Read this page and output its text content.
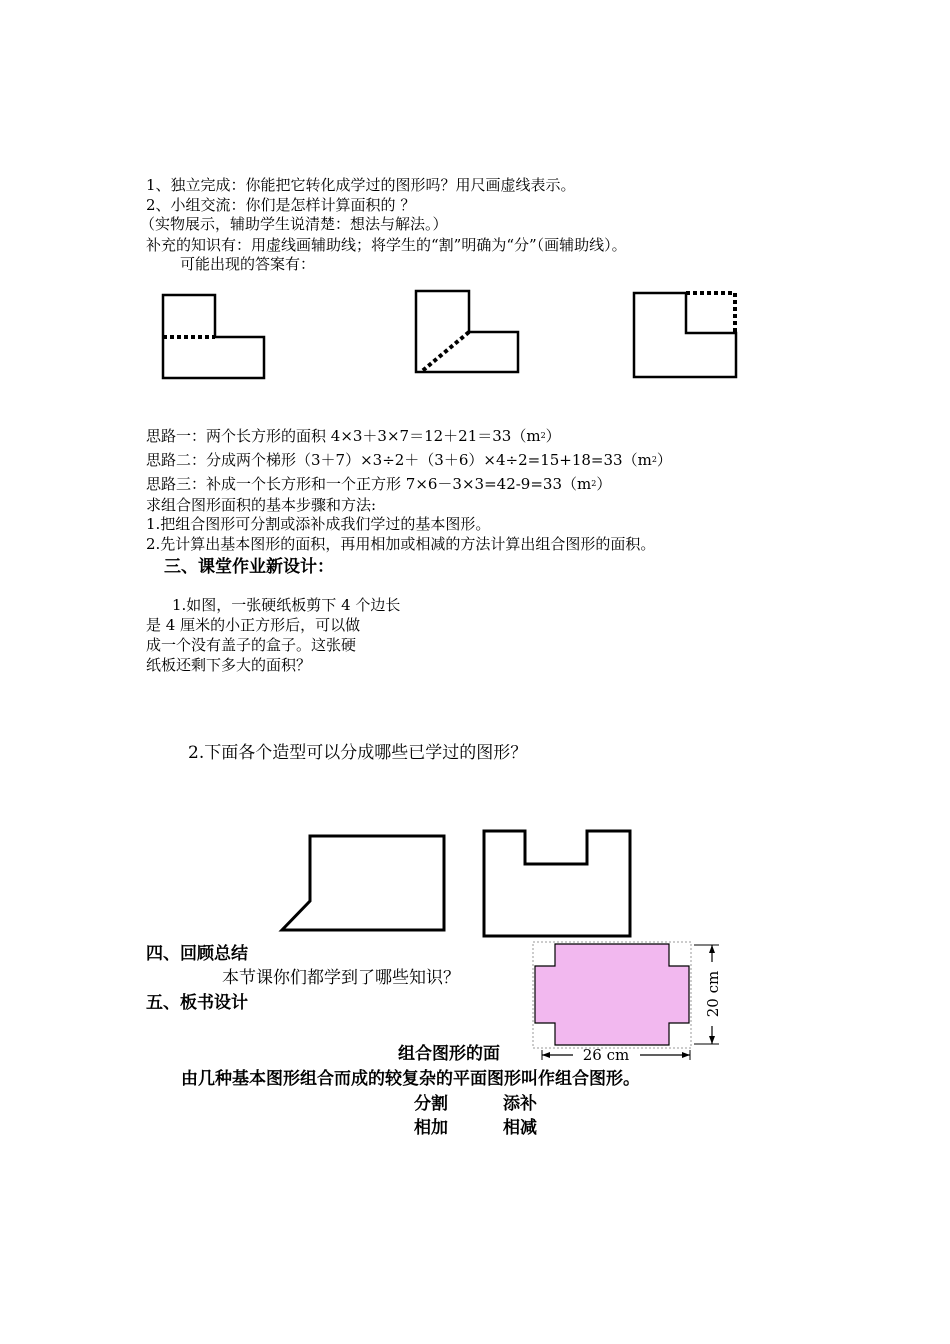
1、独立完成：你能把它转化成学过的图形吗？用尺画虚线表示。
2、小组交流：你们是怎样计算面积的 ？
（实物展示，辅助学生说清楚：想法与解法。）
补充的知识有：用虚线画辅助线；将学生的“割”明确为“分”（画辅助线）。
可能出现的答案有：
思路一：两个长方形的面积 $4\times 3+3\times 7=12+21=33(m^2)$
思路二：分成两个梯形$(3+7)\times 3\div 2+(3+6)\times 4\div 2=15+18=33(m^2)$
思路三：补成一个长方形和一个正方形 $7\times 6-3\times 3=42-9=33(m^2)$
求组合图形面积的基本步骤和方法:
1.把组合图形可分割或添补成我们学过的基本图形。
2.先计算出基本图形的面积，再用相加或相减的方法计算出组合图形的面积。
三、课堂作业新设计：
1.如图，一张硬纸板剪下 4 个边长
是 4 厘米的小正方形后，可以做
成一个没有盖子的盒子。这张硬
纸板还剩下多大的面积？
2.下面各个造型可以分成哪些已学过的图形？
26 cm
20 cm
四、回顾总结
本节课你们都学到了哪些知识？
五、板书设计
组合图形的面
由几种基本图形组合而成的较复杂的平面图形叫作组合图形。
分割	添补
相加	相减
